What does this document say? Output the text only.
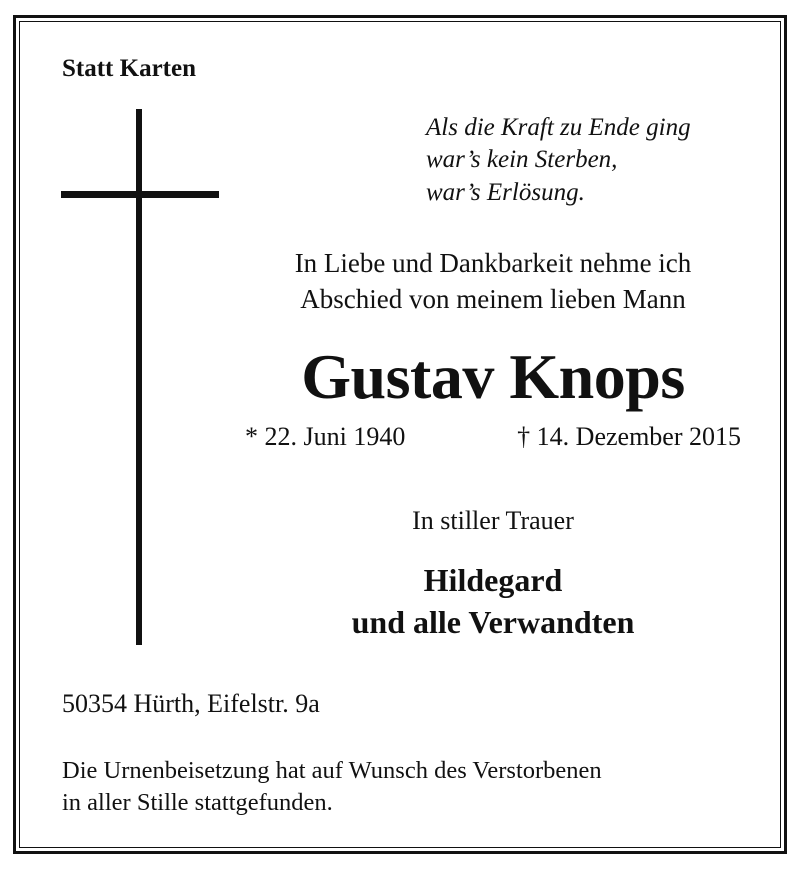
Statt Karten

Als die Kraft zu Ende ging

war’s kein Sterben,

war’s Erlösung.

In Liebe und Dankbarkeit nehme ich

Abschied von meinem lieben Mann

Gustav Knops

* 22. Juni 1940	† 14. Dezember 2015

In stiller Trauer

Hildegard

und alle Verwandten

50354 Hürth, Eifelstr. 9a

Die Urnenbeisetzung hat auf Wunsch des Verstorbenen

in aller Stille stattgefunden.
